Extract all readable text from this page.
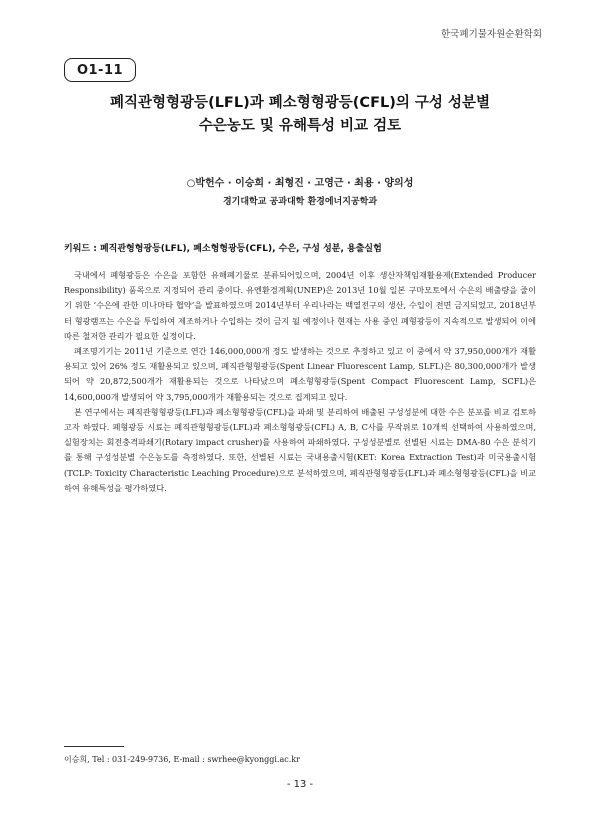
한국폐기물자원순환학회
O1-11
폐직관형형광등(LFL)과 폐소형형광등(CFL)의 구성 성분별
수은농도 및 유해특성 비교 검토
○박헌수 · 이승희 · 최형진 · 고영근 · 최용 · 양의성
경기대학교 공과대학 환경에너지공학과
키워드 : 폐직관형형광등(LFL), 폐소형형광등(CFL), 수은, 구성 성분, 용출실험

국내에서 폐형광등은 수은을 포함한 유해폐기물로 분류되어있으며, 2004년 이후 생산자책임재활용제(Extended Producer Responsibility) 품목으로 지정되어 관리 중이다. 유엔환경계획(UNEP)은 2013년 10월 일본 구마모토에서 수은의 배출량을 줄이기 위한 ‘수은에 관한 미나마타 협약’을 발표하였으며 2014년부터 우리나라는 백열전구의 생산, 수입이 전면 금지되었고, 2018년부터 형광램프는 수은을 투입하여 제조하거나 수입하는 것이 금지 될 예정이나 현재는 사용 중인 폐형광등이 지속적으로 발생되어 이에 따른 철저한 관리가 필요한 실정이다.

폐조명기기는 2011년 기준으로 연간 146,000,000개 정도 발생하는 것으로 추정하고 있고 이 중에서 약 37,950,000개가 재활용되고 있어 26% 정도 재활용되고 있으며, 폐직관형형광등(Spent Linear Fluorescent Lamp, SLFL)은 80,300,000개가 발생되어 약 20,872,500개가 재활용되는 것으로 나타났으며 폐소형형광등(Spent Compact Fluorescent Lamp, SCFL)은 14,600,000개 발생되어 약 3,795,000개가 재활용되는 것으로 집계되고 있다.

본 연구에서는 폐직관형형광등(LFL)과 폐소형형광등(CFL)을 파쇄 및 분리하여 배출된 구성성분에 대한 수은 분포를 비교 검토하고자 하였다. 폐형광등 시료는 폐직관형형광등(LFL)과 폐소형형광등(CFL) A, B, C사를 무작위로 10개씩 선택하여 사용하였으며, 실험장치는 회전충격파쇄기(Rotary impact crusher)를 사용하여 파쇄하였다. 구성성분별로 선별된 시료는 DMA-80 수은 분석기를 통해 구성성분별 수은농도를 측정하였다. 또한, 선별된 시료는 국내용출시험(KET: Korea Extraction Test)과 미국용출시험(TCLP: Toxicity Characteristic Leaching Procedure)으로 분석하였으며, 폐직관형형광등(LFL)과 폐소형형광등(CFL)을 비교하여 유해특성을 평가하였다.

이승희, Tel : 031-249-9736, E-mail : swrhee@kyonggi.ac.kr
- 13 -
